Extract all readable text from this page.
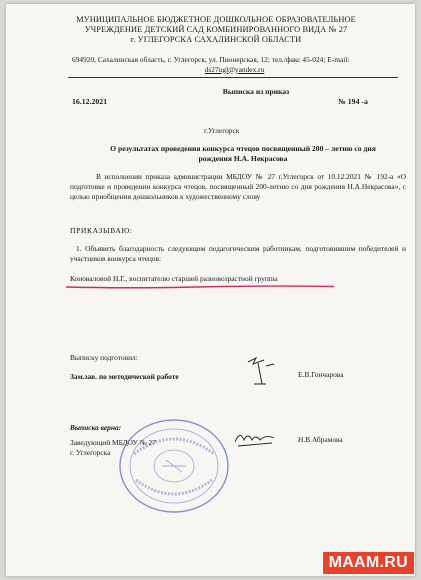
МУНИЦИПАЛЬНОЕ БЮДЖЕТНОЕ ДОШКОЛЬНОЕ ОБРАЗОВАТЕЛЬНОЕ
УЧРЕЖДЕНИЕ ДЕТСКИЙ САД КОМБИНИРОВАННОГО ВИДА № 27
г. УГЛЕГОРСКА САХАЛИНСКОЙ ОБЛАСТИ
694920, Сахалинская область, г. Углегорск, ул. Пионерская, 12; тел./факс 45-024; E-mail:
ds27ugl@yandex.ru
Выписка из приказ
16.12.2021	№ 194 -а
г.Углегорск
О результатах проведения конкурса чтецов посвященный 200 – летию со дня
рождения Н.А. Некрасова
В исполнении приказа администрации МБДОУ № 27 г.Углегорск от 10.12.2021 № 192-а «О подготовке и проведении конкурса чтецов, посвященный 200-летию со дня рождения Н.А.Некрасова», с целью приобщения дошкольников к художественному слову
ПРИКАЗЫВАЮ:
1. Объявить благодарность следующим педагогическим работникам, подготовившим победителей и участников конкурса чтецов:
Коноваловой Н.Г., воспитателю старшей разновозрастной группы
Выписку подготовил:
Зам.зав. по методической работе	Е.В.Гончарова
Выписка верна:
Заведующий МБДОУ № 27
г. Углегорска
Н.В.Абрамова
MAAM.RU
